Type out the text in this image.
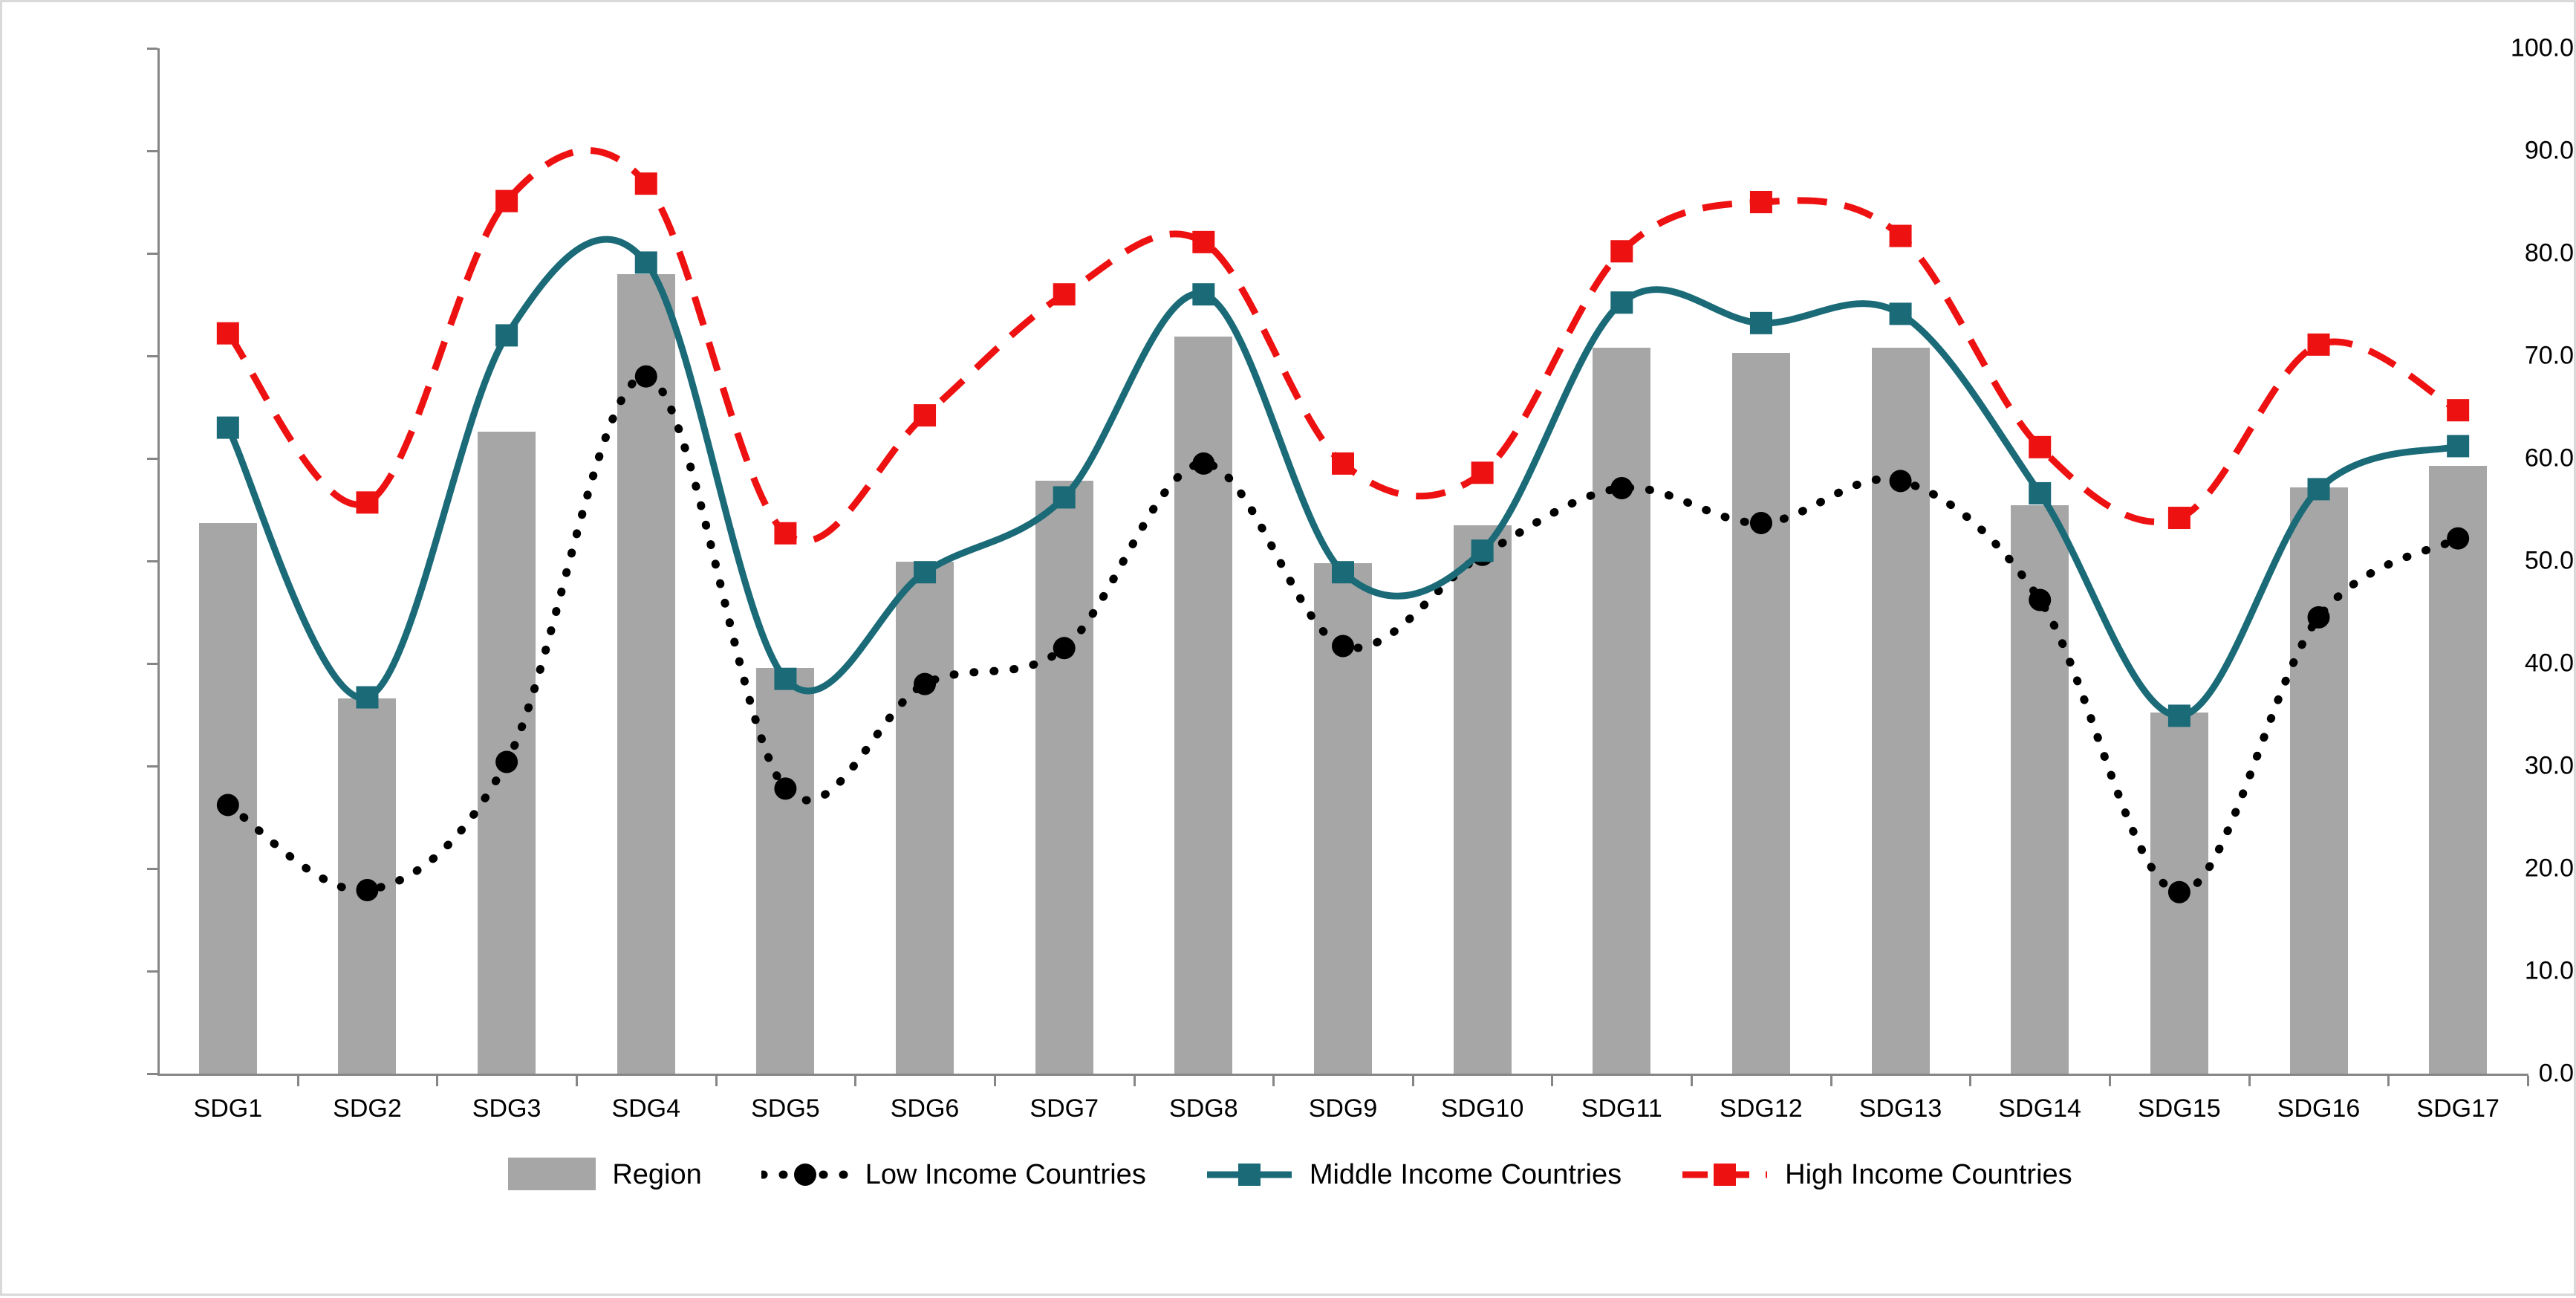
0.0
10.0
20.0
30.0
40.0
50.0
60.0
70.0
80.0
90.0
100.0
SDG1	SDG2	SDG3	SDG4	SDG5	SDG6	SDG7	SDG8	SDG9	SDG10	SDG11	SDG12	SDG13	SDG14	SDG15	SDG16	SDG17
Region	Low Income Countries	Middle Income Countries	High Income Countries
